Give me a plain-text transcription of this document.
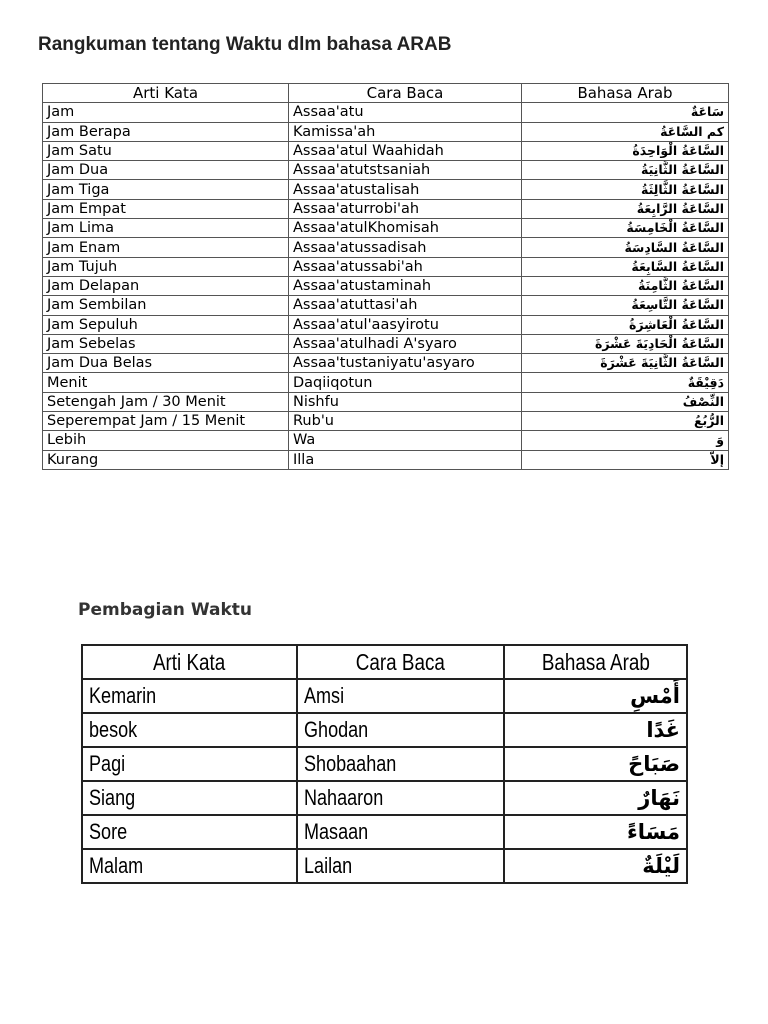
Rangkuman tentang Waktu dlm bahasa ARAB
Arti Kata	Cara Baca	Bahasa Arab
Jam	Assaa'atu	سَاعَةٌ
Jam Berapa	Kamissa'ah	كم السَّاعَةُ
Jam Satu	Assaa'atul Waahidah	السَّاعَةُ الْوَاحِدَةُ
Jam Dua	Assaa'atutstsaniah	السَّاعَةُ الثَّانِيَةُ
Jam Tiga	Assaa'atustalisah	السَّاعَةُ الثَّالِثَةُ
Jam Empat	Assaa'aturrobi'ah	السَّاعَةُ الرَّابِعَةُ
Jam Lima	Assaa'atulKhomisah	السَّاعَةُ الْخَامِسَةُ
Jam Enam	Assaa'atussadisah	السَّاعَةُ السَّادِسَةُ
Jam Tujuh	Assaa'atussabi'ah	السَّاعَةُ السَّابِعَةُ
Jam Delapan	Assaa'atustaminah	السَّاعَةُ الثَّامِنَةُ
Jam Sembilan	Assaa'atuttasi'ah	السَّاعَةُ التَّاسِعَةُ
Jam Sepuluh	Assaa'atul'aasyirotu	السَّاعَةُ الْعَاشِرَةُ
Jam Sebelas	Assaa'atulhadi A'syaro	السَّاعَةُ الْحَادِيَةَ عَشْرَةَ
Jam Dua Belas	Assaa'tustaniyatu'asyaro	السَّاعَةُ الثَّانِيَةَ عَشْرَةَ
Menit	Daqiiqotun	دَقِيْقَةٌ
Setengah Jam / 30 Menit	Nishfu	النِّصْفُ
Seperempat Jam / 15 Menit	Rub'u	الرُّبُعُ
Lebih	Wa	وَ
Kurang	Illa	إلاَّ
Pembagian Waktu
Arti Kata	Cara Baca	Bahasa Arab
Kemarin	Amsi	أَمْسِ
besok	Ghodan	غَدًا
Pagi	Shobaahan	صَبَاحً
Siang	Nahaaron	نَهَارٌ
Sore	Masaan	مَسَاءً
Malam	Lailan	لَيْلَةٌ
